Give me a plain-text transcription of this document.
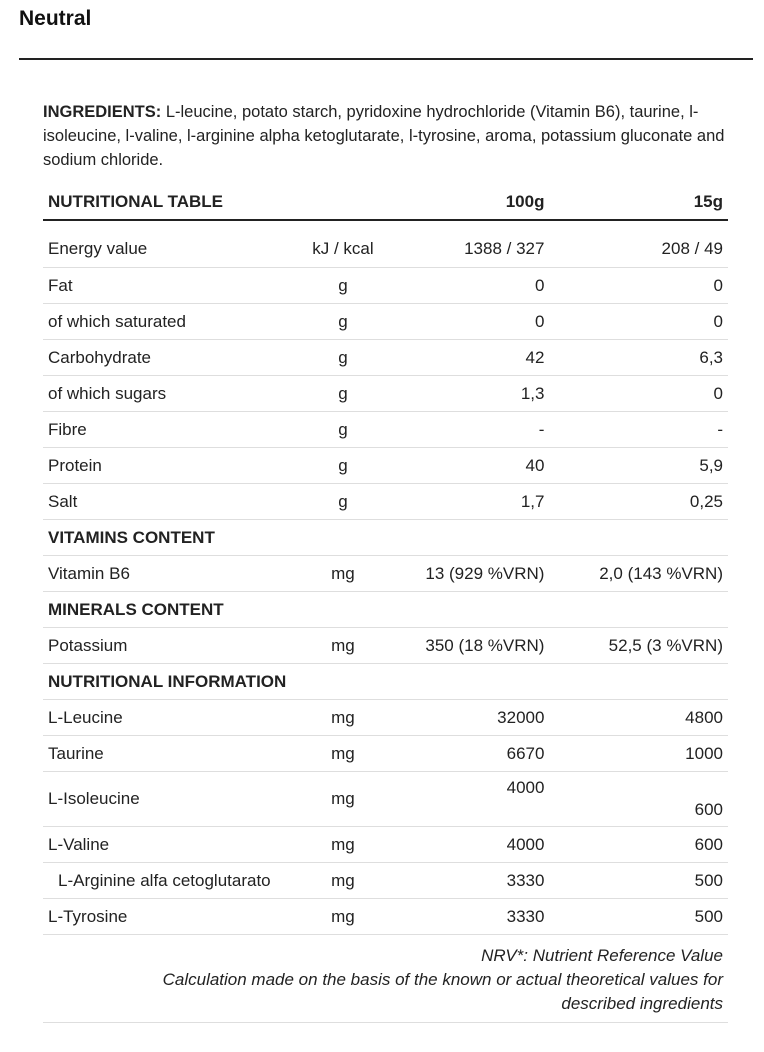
Neutral
INGREDIENTS: L-leucine, potato starch, pyridoxine hydrochloride (Vitamin B6), taurine, l-isoleucine, l-valine, l-arginine alpha ketoglutarate, l-tyrosine, aroma, potassium gluconate and sodium chloride.
NUTRITIONAL TABLE		100g	15g
Energy value	kJ / kcal	1388 / 327	208 / 49
Fat	g	0	0
of which saturated	g	0	0
Carbohydrate	g	42	6,3
of which sugars	g	1,3	0
Fibre	g	-	-
Protein	g	40	5,9
Salt	g	1,7	0,25
VITAMINS CONTENT			
Vitamin B6	mg	13 (929 %VRN)	2,0 (143 %VRN)
MINERALS CONTENT			
Potassium	mg	350 (18 %VRN)	52,5 (3 %VRN)
NUTRITIONAL INFORMATION			
L-Leucine	mg	32000	4800
Taurine	mg	6670	1000
L-Isoleucine	mg	4000	600
L-Valine	mg	4000	600
L-Arginine alfa cetoglutarato	mg	3330	500
L-Tyrosine	mg	3330	500
NRV*: Nutrient Reference Value
Calculation made on the basis of the known or actual theoretical values for
described ingredients
